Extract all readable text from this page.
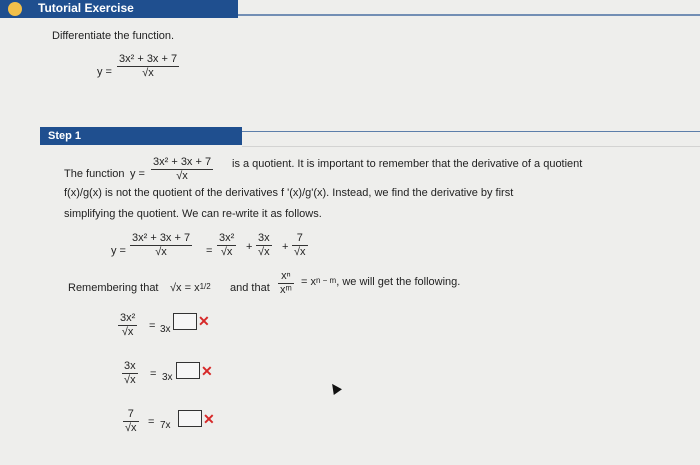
Tutorial Exercise
Differentiate the function.
$y = \frac{\text{3x² + 3x + 7}}{√x}$
Step 1
The function $y = \frac{\text{3x² + 3x + 7}}{√x}$ is a quotient. It is important to remember that the derivative of a quotient
f(x)/g(x) is not the quotient of the derivatives f '(x)/g'(x). Instead, we find the derivative by first
simplifying the quotient. We can re-write it as follows.
$y = \frac{\text{3x² + 3x + 7}}{√x} = \frac{\text{3x²}}{√x} + \frac{3x}{√x} + \frac{7}{√x}$
Remembering that $√x = x^{1/2}$ and that $\frac{\text{xⁿ}}{\text{xᵐ}} = x^{n - m}$, we will get the following.
$\frac{\text{3x²}}{√x} = 3x$
✕
$\frac{3x}{√x} = 3x$ ✕
$\frac{7}{√x} = 7x$ ✕
